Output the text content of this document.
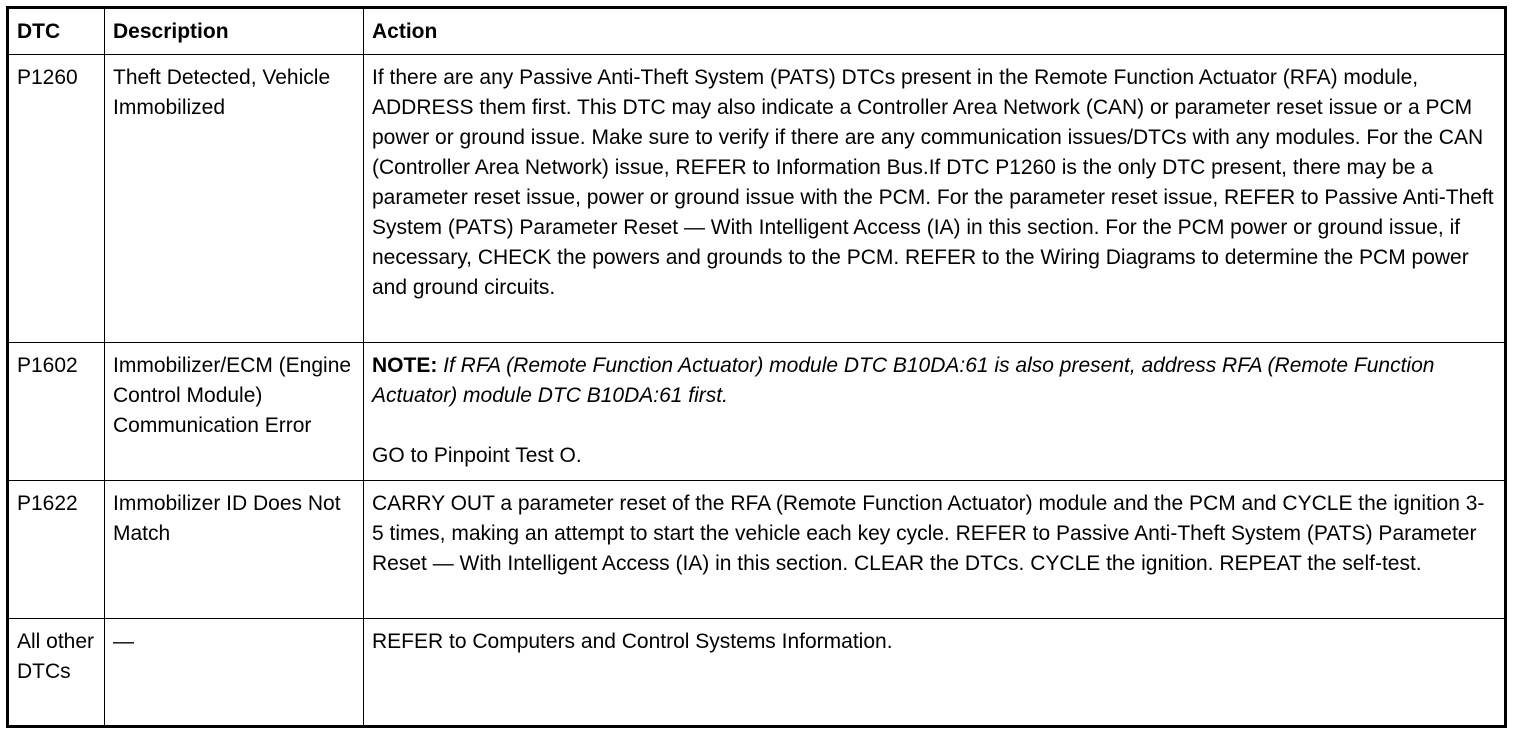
DTC	Description	Action
P1260	Theft Detected, Vehicle Immobilized	If there are any Passive Anti-Theft System (PATS) DTCs present in the Remote Function Actuator (RFA) module, ADDRESS them first. This DTC may also indicate a Controller Area Network (CAN) or parameter reset issue or a PCM power or ground issue. Make sure to verify if there are any communication issues/DTCs with any modules. For the CAN (Controller Area Network) issue, REFER to Information Bus.If DTC P1260 is the only DTC present, there may be a parameter reset issue, power or ground issue with the PCM. For the parameter reset issue, REFER to Passive Anti-Theft System (PATS) Parameter Reset — With Intelligent Access (IA) in this section. For the PCM power or ground issue, if necessary, CHECK the powers and grounds to the PCM. REFER to the Wiring Diagrams to determine the PCM power and ground circuits.
P1602	Immobilizer/ECM (Engine Control Module) Communication Error	NOTE: If RFA (Remote Function Actuator) module DTC B10DA:61 is also present, address RFA (Remote Function Actuator) module DTC B10DA:61 first.

GO to Pinpoint Test O.

P1622	Immobilizer ID Does Not Match	CARRY OUT a parameter reset of the RFA (Remote Function Actuator) module and the PCM and CYCLE the ignition 3-5 times, making an attempt to start the vehicle each key cycle. REFER to Passive Anti-Theft System (PATS) Parameter Reset — With Intelligent Access (IA) in this section. CLEAR the DTCs. CYCLE the ignition. REPEAT the self-test.
All other DTCs	—	REFER to Computers and Control Systems Information.
